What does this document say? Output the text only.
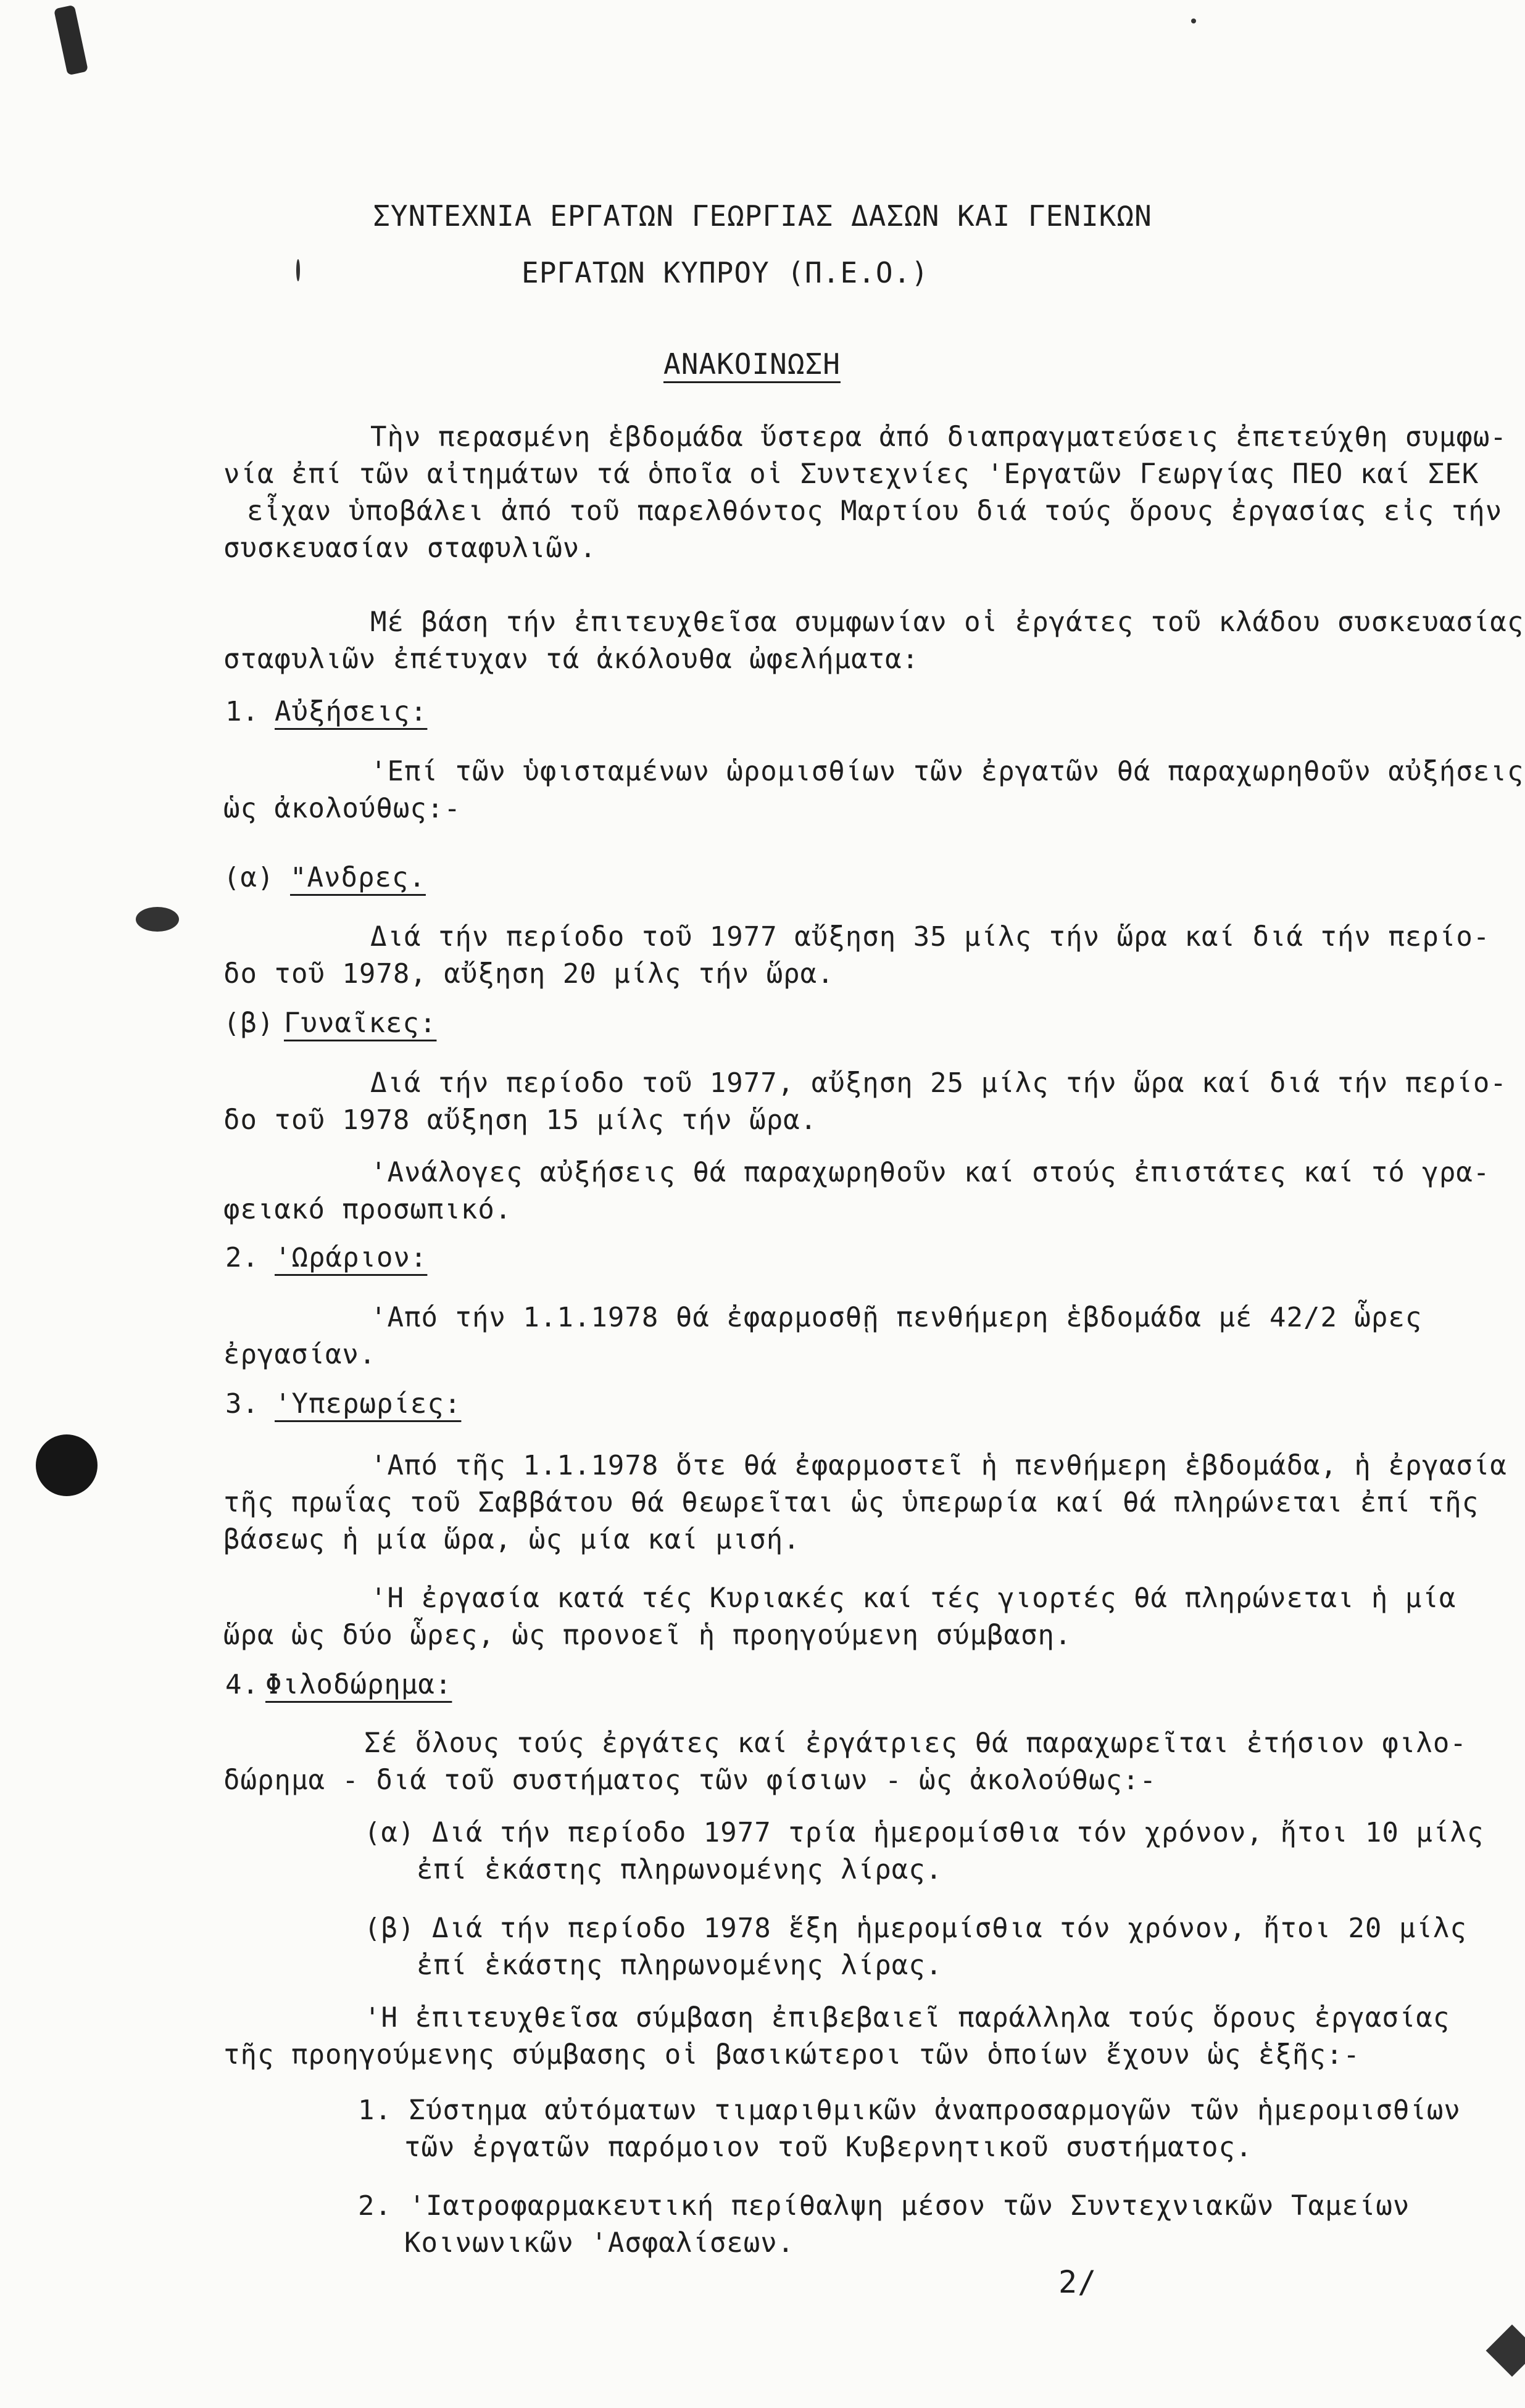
ΣΥΝΤΕΧΝΙΑ ΕΡΓΑΤΩΝ ΓΕΩΡΓΙΑΣ ΔΑΣΩΝ ΚΑΙ ΓΕΝΙΚΩΝ
ΕΡΓΑΤΩΝ ΚΥΠΡΟΥ (Π.Ε.Ο.)
ΑΝΑΚΟΙΝΩΣΗ
Τὴν περασμένη ἑβδομάδα ὕστερα ἀπό διαπραγματεύσεις ἐπετεύχθη συμφω-
νία ἐπί τῶν αἰτημάτων τά ὁποῖα οἱ Συντεχνίες 'Εργατῶν Γεωργίας ΠΕΟ καί ΣΕΚ
εἶχαν ὑποβάλει ἀπό τοῦ παρελθόντος Μαρτίου διά τούς ὅρους ἐργασίας εἰς τήν
συσκευασίαν σταφυλιῶν.
Μέ βάση τήν ἐπιτευχθεῖσα συμφωνίαν οἱ ἐργάτες τοῦ κλάδου συσκευασίας
σταφυλιῶν ἐπέτυχαν τά ἀκόλουθα ὠφελήματα:
1. Αὐξήσεις:
'Επί τῶν ὑφισταμένων ὡρομισθίων τῶν ἐργατῶν θά παραχωρηθοῦν αὐξήσεις
ὡς ἀκολούθως:-
(α) "Ανδρες.
Διά τήν περίοδο τοῦ 1977 αὔξηση 35 μίλς τήν ὥρα καί διά τήν περίο-
δο τοῦ 1978, αὔξηση 20 μίλς τήν ὥρα.
(β) Γυναῖκες:
Διά τήν περίοδο τοῦ 1977, αὔξηση 25 μίλς τήν ὥρα καί διά τήν περίο-
δο τοῦ 1978 αὔξηση 15 μίλς τήν ὥρα.
'Ανάλογες αὐξήσεις θά παραχωρηθοῦν καί στούς ἐπιστάτες καί τό γρα-
φειακό προσωπικό.
2. 'Ωράριον:
'Από τήν 1.1.1978 θά ἐφαρμοσθῇ πενθήμερη ἑβδομάδα μέ 42/2 ὧρες
ἐργασίαν.
3. 'Υπερωρίες:
'Από τῆς 1.1.1978 ὅτε θά ἐφαρμοστεῖ ἡ πενθήμερη ἑβδομάδα, ἡ ἐργασία
τῆς πρωΐας τοῦ Σαββάτου θά θεωρεῖται ὡς ὑπερωρία καί θά πληρώνεται ἐπί τῆς
βάσεως ἡ μία ὥρα, ὡς μία καί μισή.
'Η ἐργασία κατά τές Κυριακές καί τές γιορτές θά πληρώνεται ἡ μία
ὥρα ὡς δύο ὧρες, ὡς προνοεῖ ἡ προηγούμενη σύμβαση.
4. Φιλοδώρημα:
Σέ ὅλους τούς ἐργάτες καί ἐργάτριες θά παραχωρεῖται ἐτήσιον φιλο-
δώρημα - διά τοῦ συστήματος τῶν φίσιων - ὡς ἀκολούθως:-
(α) Διά τήν περίοδο 1977 τρία ἡμερομίσθια τόν χρόνον, ἤτοι 10 μίλς
ἐπί ἑκάστης πληρωνομένης λίρας.
(β) Διά τήν περίοδο 1978 ἕξη ἡμερομίσθια τόν χρόνον, ἤτοι 20 μίλς
ἐπί ἑκάστης πληρωνομένης λίρας.
'Η ἐπιτευχθεῖσα σύμβαση ἐπιβεβαιεῖ παράλληλα τούς ὅρους ἐργασίας
τῆς προηγούμενης σύμβασης οἱ βασικώτεροι τῶν ὁποίων ἔχουν ὡς ἑξῆς:-
1. Σύστημα αὐτόματων τιμαριθμικῶν ἀναπροσαρμογῶν τῶν ἡμερομισθίων
τῶν ἐργατῶν παρόμοιον τοῦ Κυβερνητικοῦ συστήματος.
2. 'Ιατροφαρμακευτική περίθαλψη μέσον τῶν Συντεχνιακῶν Ταμείων
Κοινωνικῶν 'Ασφαλίσεων.
2/
